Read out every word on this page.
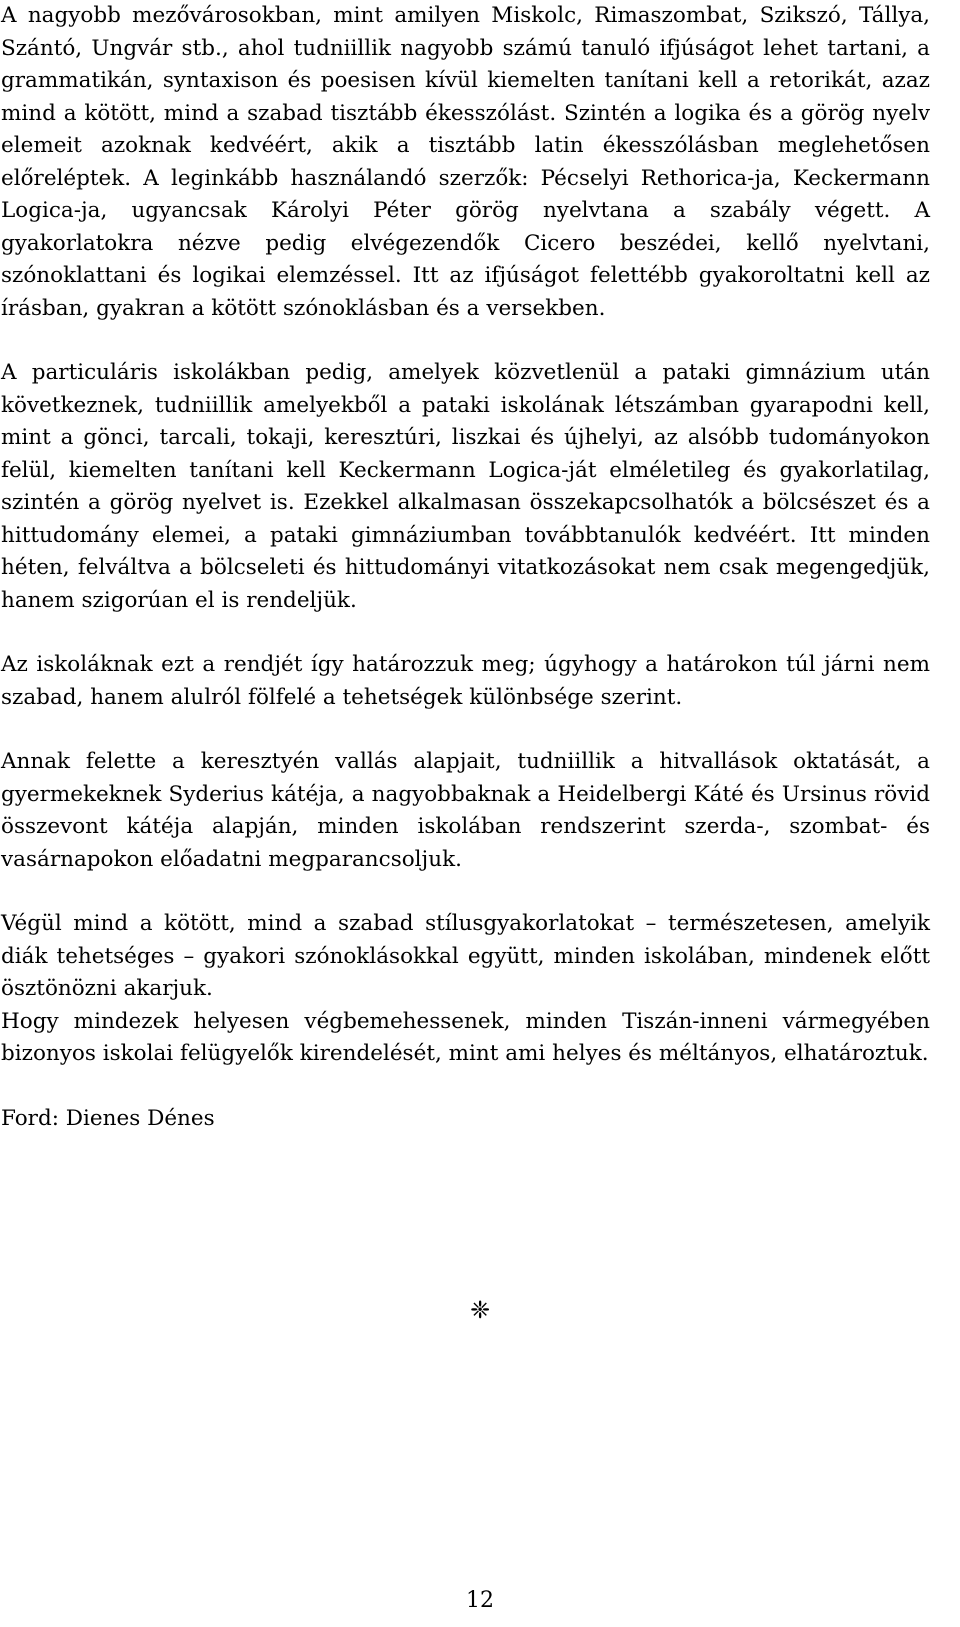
A nagyobb mezővárosokban, mint amilyen Miskolc, Rimaszombat, Szikszó, Tállya, Szántó, Ungvár stb., ahol tudniillik nagyobb számú tanuló ifjúságot lehet tartani, a grammatikán, syntaxison és poesisen kívül kiemelten tanítani kell a retorikát, azaz mind a kötött, mind a szabad tisztább ékesszólást. Szintén a logika és a görög nyelv elemeit azoknak kedvéért, akik a tisztább latin ékesszólásban meglehetősen előreléptek. A leginkább használandó szerzők: Pécselyi Rethorica-ja, Keckermann Logica-ja, ugyancsak Károlyi Péter görög nyelvtana a szabály végett. A gyakorlatokra nézve pedig elvégezendők Cicero beszédei, kellő nyelvtani, szónoklattani és logikai elemzéssel. Itt az ifjúságot felettébb gyakoroltatni kell az írásban, gyakran a kötött szónoklásban és a versekben.

A particuláris iskolákban pedig, amelyek közvetlenül a pataki gimnázium után következnek, tudniillik amelyekből a pataki iskolának létszámban gyarapodni kell, mint a gönci, tarcali, tokaji, keresztúri, liszkai és újhelyi, az alsóbb tudományokon felül, kiemelten tanítani kell Keckermann Logica-ját elméletileg és gyakorlatilag, szintén a görög nyelvet is. Ezekkel alkalmasan összekapcsolhatók a bölcsészet és a hittudomány elemei, a pataki gimnáziumban továbbtanulók kedvéért. Itt minden héten, felváltva a bölcseleti és hittudományi vitatkozásokat nem csak megengedjük, hanem szigorúan el is rendeljük.

Az iskoláknak ezt a rendjét így határozzuk meg; úgyhogy a határokon túl járni nem szabad, hanem alulról fölfelé a tehetségek különbsége szerint.

Annak felette a keresztyén vallás alapjait, tudniillik a hitvallások oktatását, a gyermekeknek Syderius kátéja, a nagyobbaknak a Heidelbergi Káté és Ursinus rövid összevont kátéja alapján, minden iskolában rendszerint szerda-, szombat- és vasárnapokon előadatni megparancsoljuk.

Végül mind a kötött, mind a szabad stílusgyakorlatokat – természetesen, amelyik diák tehetséges – gyakori szónoklásokkal együtt, minden iskolában, mindenek előtt ösztönözni akarjuk.

Hogy mindezek helyesen végbemehessenek, minden Tiszán-inneni vármegyében bizonyos iskolai felügyelők kirendelését, mint ami helyes és méltányos, elhatároztuk.

Ford: Dienes Dénes

❈
12
